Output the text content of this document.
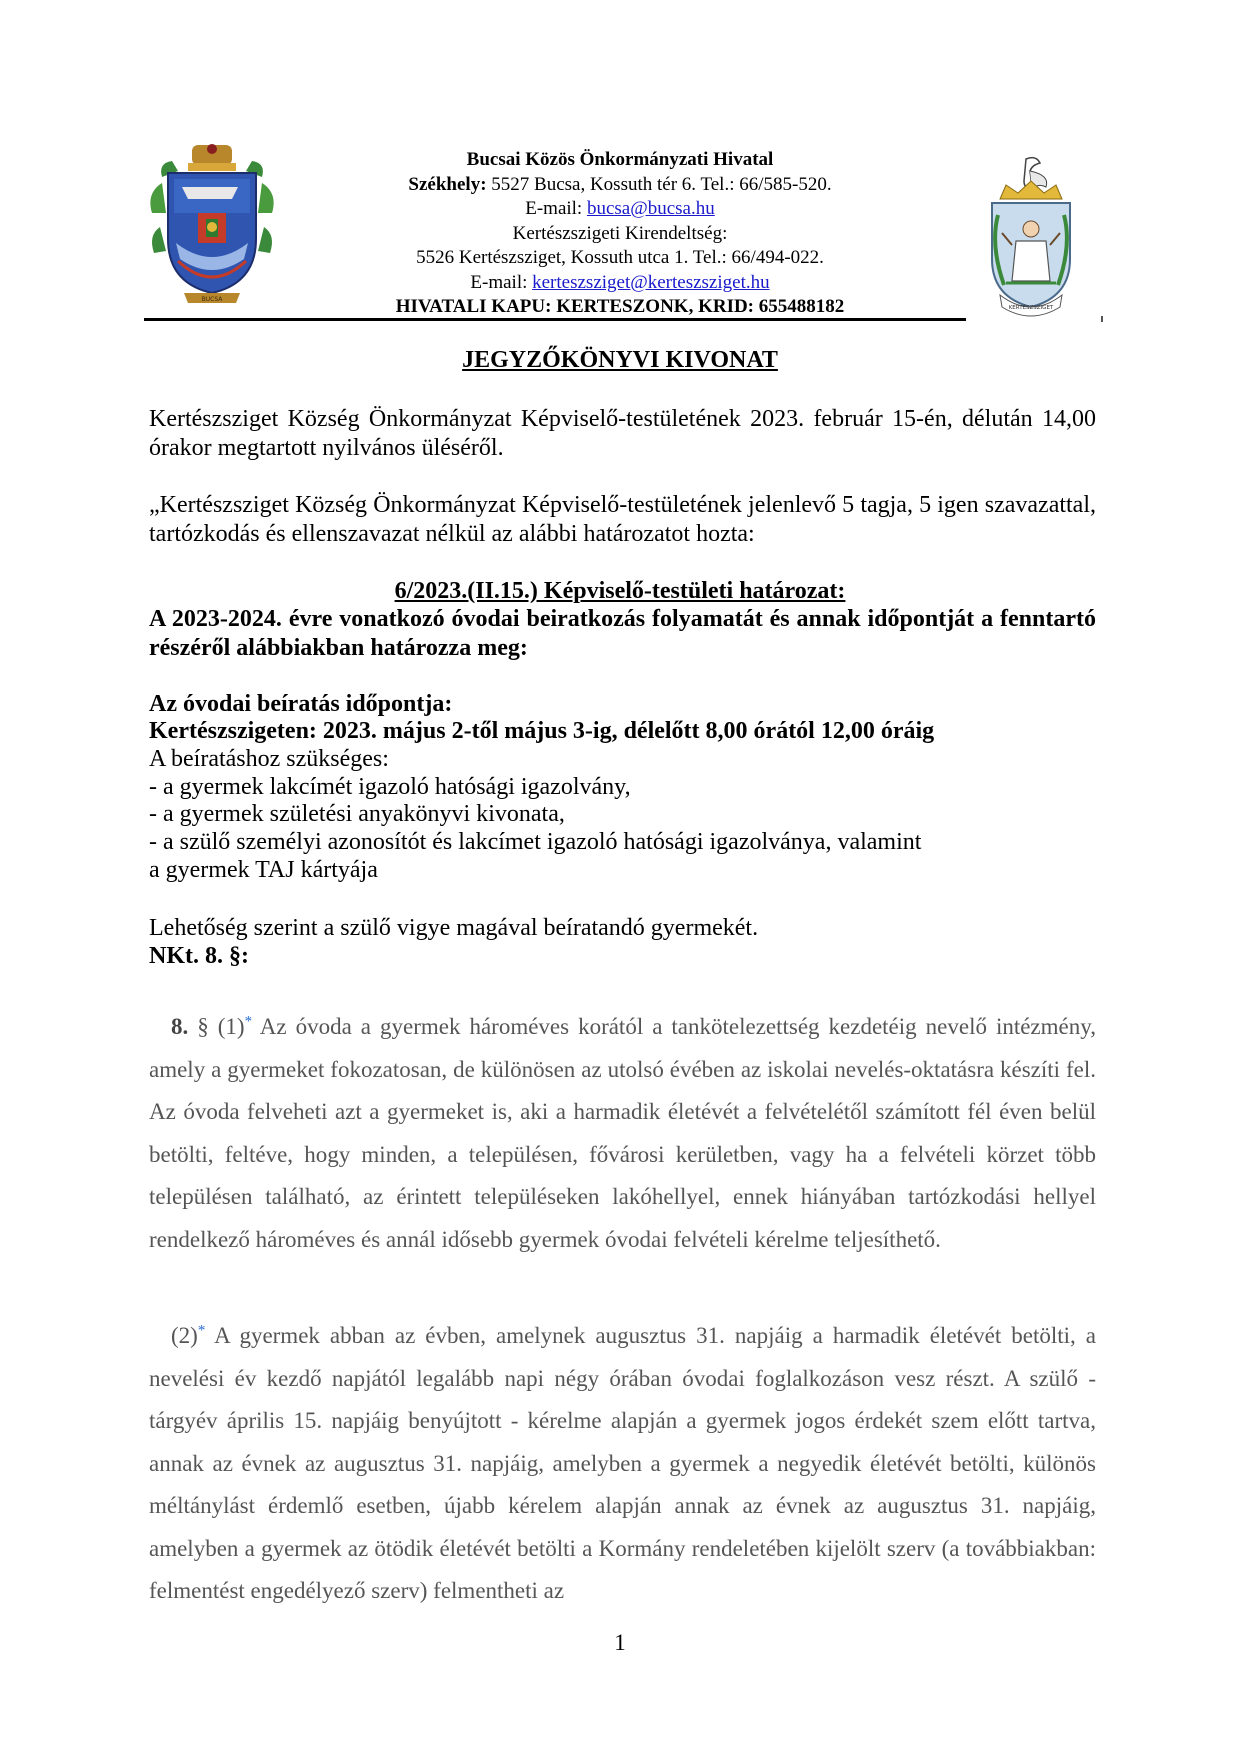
BUCSA
Bucsai Közös Önkormányzati Hivatal
Székhely: 5527 Bucsa, Kossuth tér 6. Tel.: 66/585-520.
E-mail: bucsa@bucsa.hu
Kertészszigeti Kirendeltség:
5526 Kertészsziget, Kossuth utca 1. Tel.: 66/494-022.
E-mail: kerteszsziget@kerteszsziget.hu
HIVATALI KAPU: KERTESZONK, KRID: 655488182	KERTÉSZSZIGET
JEGYZŐKÖNYVI KIVONAT

Kertészsziget Község Önkormányzat Képviselő-testületének 2023. február 15-én, délután 14,00 órakor megtartott nyilvános üléséről.

„Kertészsziget Község Önkormányzat Képviselő-testületének jelenlevő 5 tagja, 5 igen szavazattal, tartózkodás és ellenszavazat nélkül az alábbi határozatot hozta:

6/2023.(II.15.) Képviselő-testületi határozat:

A 2023-2024. évre vonatkozó óvodai beiratkozás folyamatát és annak időpontját a fenntartó részéről alábbiakban határozza meg:

Az óvodai beíratás időpontja:

Kertészszigeten: 2023. május 2-től május 3-ig, délelőtt 8,00 órától 12,00 óráig

A beíratáshoz szükséges:

- a gyermek lakcímét igazoló hatósági igazolvány,

- a gyermek születési anyakönyvi kivonata,

- a szülő személyi azonosítót és lakcímet igazoló hatósági igazolványa, valamint

a gyermek TAJ kártyája

Lehetőség szerint a szülő vigye magával beíratandó gyermekét.

NKt. 8. §:

8. § (1)* Az óvoda a gyermek hároméves korától a tankötelezettség kezdetéig nevelő intézmény, amely a gyermeket fokozatosan, de különösen az utolsó évében az iskolai nevelés-oktatásra készíti fel. Az óvoda felveheti azt a gyermeket is, aki a harmadik életévét a felvételétől számított fél éven belül betölti, feltéve, hogy minden, a településen, fővárosi kerületben, vagy ha a felvételi körzet több településen található, az érintett településeken lakóhellyel, ennek hiányában tartózkodási hellyel rendelkező hároméves és annál idősebb gyermek óvodai felvételi kérelme teljesíthető.

(2)* A gyermek abban az évben, amelynek augusztus 31. napjáig a harmadik életévét betölti, a nevelési év kezdő napjától legalább napi négy órában óvodai foglalkozáson vesz részt. A szülő - tárgyév április 15. napjáig benyújtott - kérelme alapján a gyermek jogos érdekét szem előtt tartva, annak az évnek az augusztus 31. napjáig, amelyben a gyermek a negyedik életévét betölti, különös méltánylást érdemlő esetben, újabb kérelem alapján annak az évnek az augusztus 31. napjáig, amelyben a gyermek az ötödik életévét betölti a Kormány rendeletében kijelölt szerv (a továbbiakban: felmentést engedélyező szerv) felmentheti az

1
